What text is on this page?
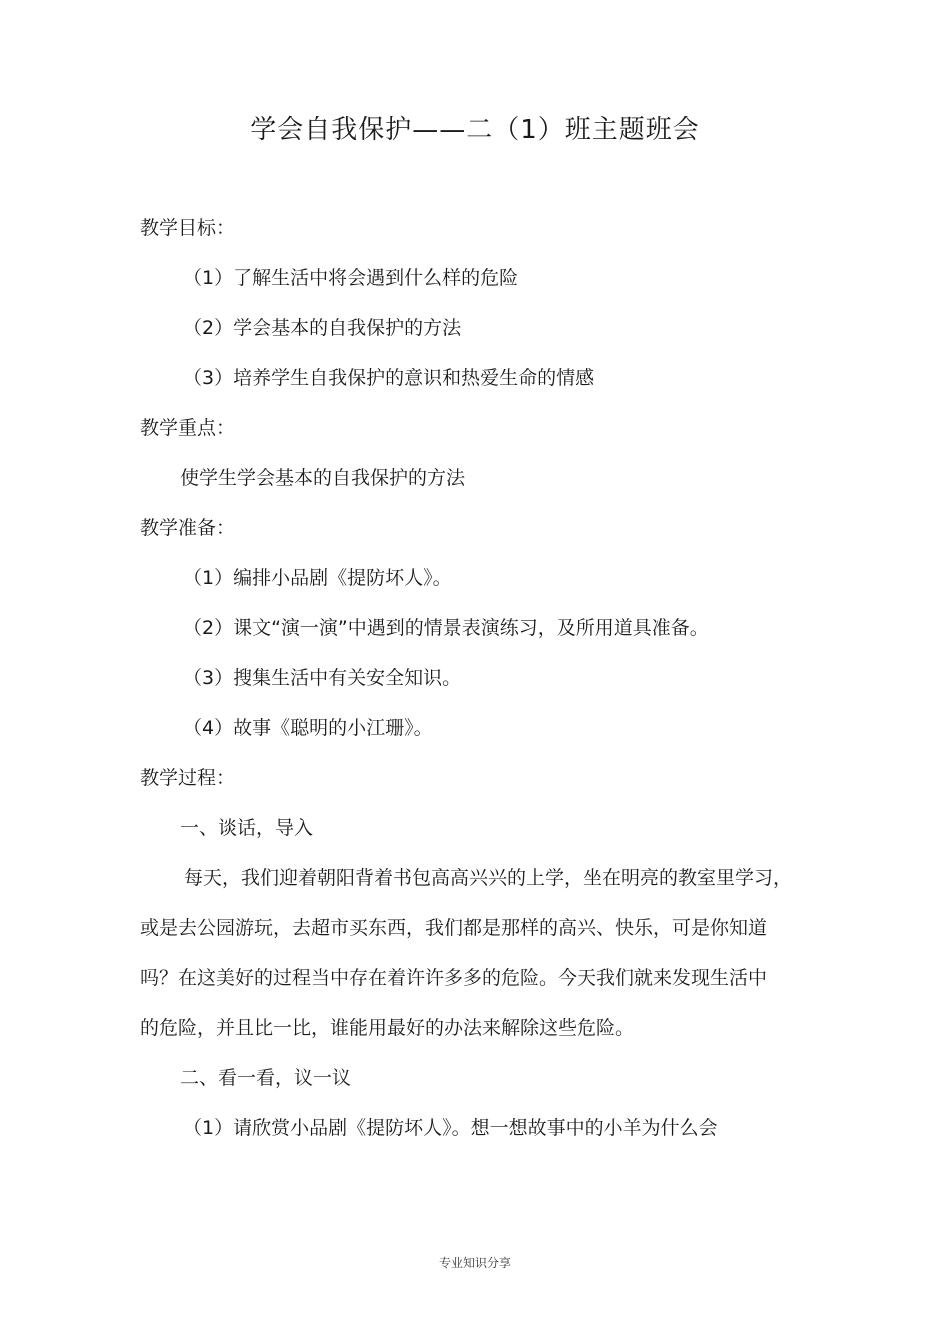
学会自我保护——二（1）班主题班会
教学目标：
（1）了解生活中将会遇到什么样的危险
（2）学会基本的自我保护的方法
（3）培养学生自我保护的意识和热爱生命的情感
教学重点：
使学生学会基本的自我保护的方法
教学准备：
（1）编排小品剧《提防坏人》。
（2）课文“演一演”中遇到的情景表演练习，及所用道具准备。
（3）搜集生活中有关安全知识。
（4）故事《聪明的小江珊》。
教学过程：
一、谈话，导入
每天，我们迎着朝阳背着书包高高兴兴的上学，坐在明亮的教室里学习，
或是去公园游玩，去超市买东西，我们都是那样的高兴、快乐，可是你知道
吗？在这美好的过程当中存在着许许多多的危险。今天我们就来发现生活中
的危险，并且比一比，谁能用最好的办法来解除这些危险。
二、看一看，议一议
（1）请欣赏小品剧《提防坏人》。想一想故事中的小羊为什么会
专业知识分享
